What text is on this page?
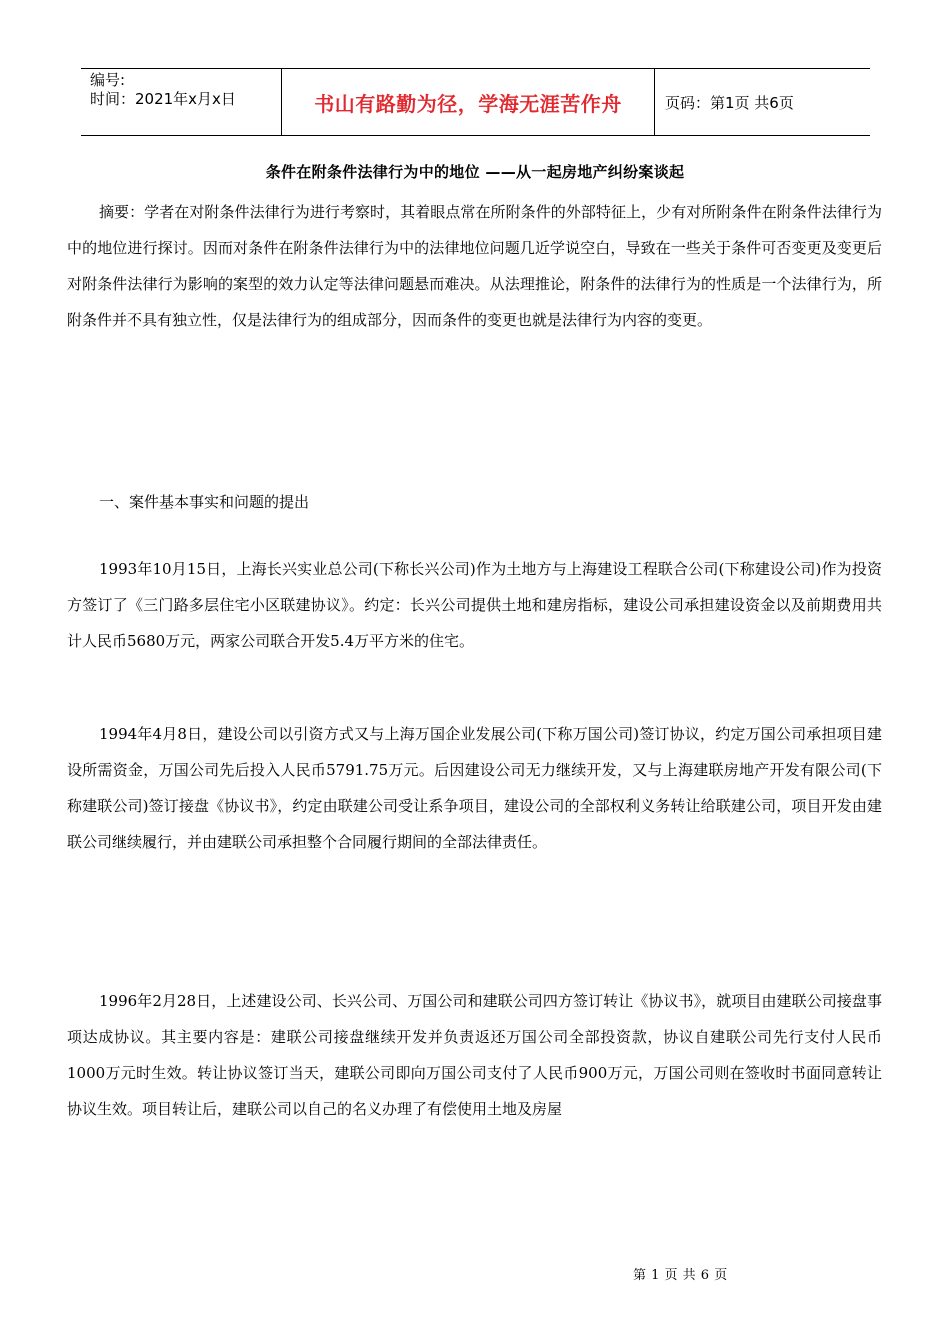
编号:
时间：2021年x月x日	书山有路勤为径，学海无涯苦作舟	页码：第1页 共6页
条件在附条件法律行为中的地位 ——从一起房地产纠纷案谈起

摘要：学者在对附条件法律行为进行考察时，其着眼点常在所附条件的外部特征上，少有对所附条件在附条件法律行为中的地位进行探讨。因而对条件在附条件法律行为中的法律地位问题几近学说空白，导致在一些关于条件可否变更及变更后对附条件法律行为影响的案型的效力认定等法律问题悬而难决。从法理推论，附条件的法律行为的性质是一个法律行为，所附条件并不具有独立性，仅是法律行为的组成部分，因而条件的变更也就是法律行为内容的变更。

一、案件基本事实和问题的提出

1993年10月15日，上海长兴实业总公司(下称长兴公司)作为土地方与上海建设工程联合公司(下称建设公司)作为投资方签订了《三门路多层住宅小区联建协议》。约定：长兴公司提供土地和建房指标，建设公司承担建设资金以及前期费用共计人民币5680万元，两家公司联合开发5.4万平方米的住宅。

1994年4月8日，建设公司以引资方式又与上海万国企业发展公司(下称万国公司)签订协议，约定万国公司承担项目建设所需资金，万国公司先后投入人民币5791.75万元。后因建设公司无力继续开发，又与上海建联房地产开发有限公司(下称建联公司)签订接盘《协议书》，约定由联建公司受让系争项目，建设公司的全部权利义务转让给联建公司，项目开发由建联公司继续履行，并由建联公司承担整个合同履行期间的全部法律责任。

1996年2月28日，上述建设公司、长兴公司、万国公司和建联公司四方签订转让《协议书》，就项目由建联公司接盘事项达成协议。其主要内容是：建联公司接盘继续开发并负责返还万国公司全部投资款，协议自建联公司先行支付人民币1000万元时生效。转让协议签订当天，建联公司即向万国公司支付了人民币900万元，万国公司则在签收时书面同意转让协议生效。项目转让后，建联公司以自己的名义办理了有偿使用土地及房屋

第 1 页 共 6 页
